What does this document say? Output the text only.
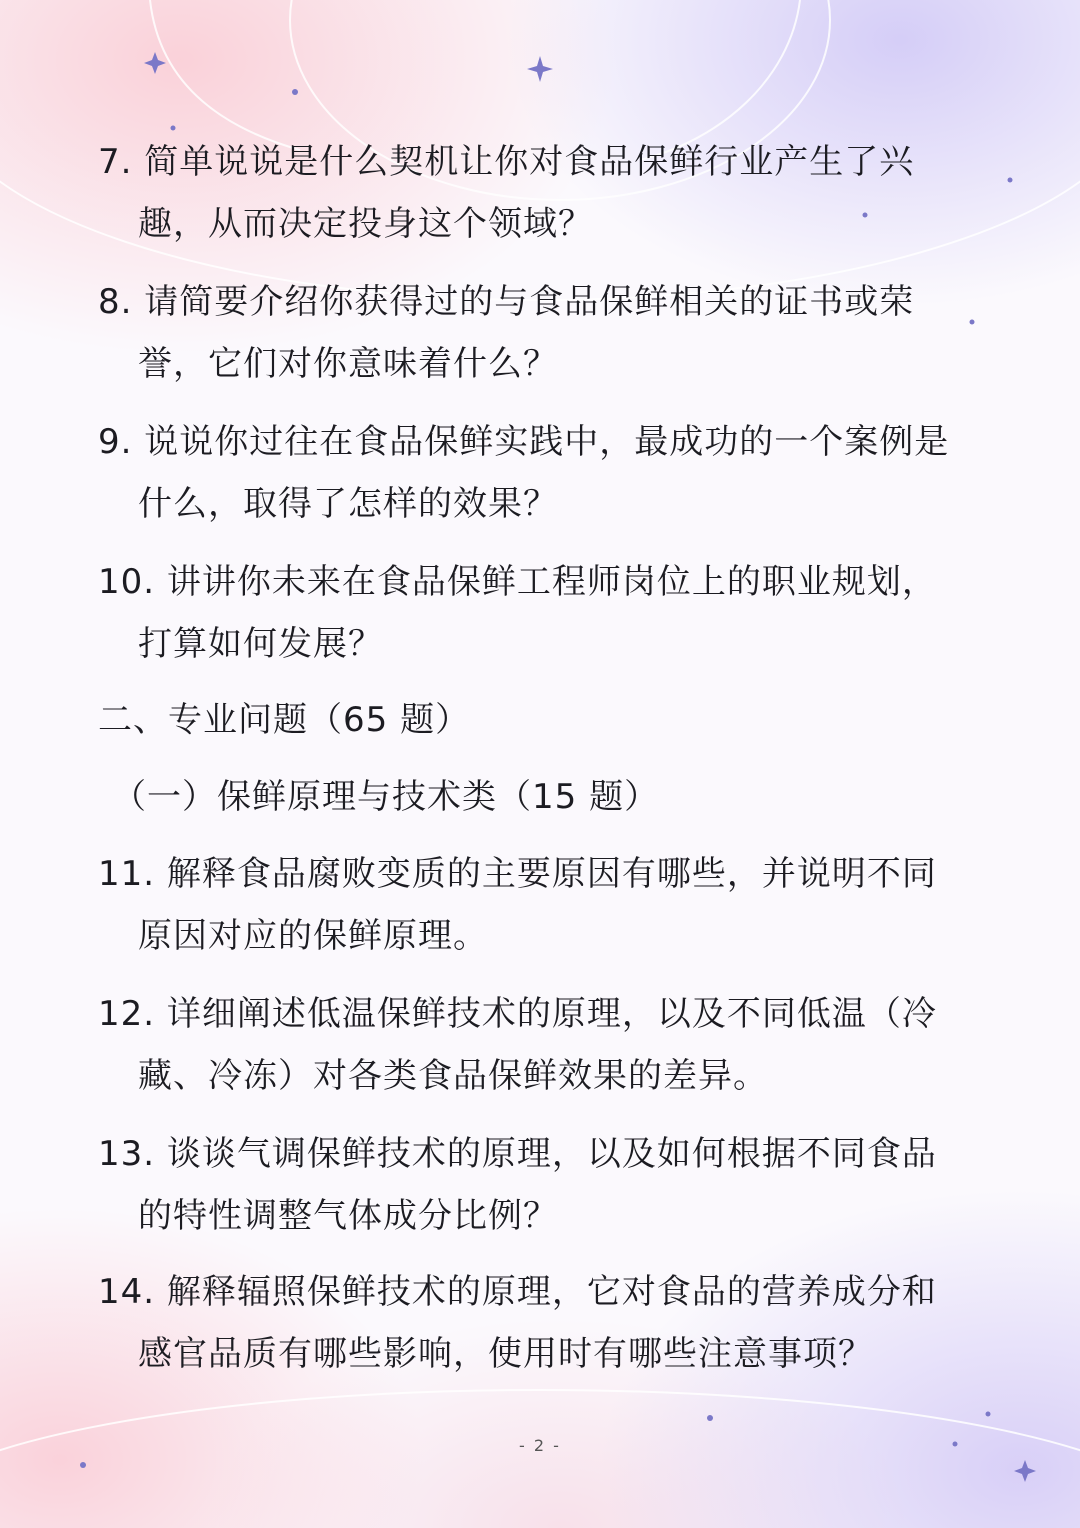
7. 简单说说是什么契机让你对食品保鲜行业产生了兴
趣，从而决定投身这个领域？
8. 请简要介绍你获得过的与食品保鲜相关的证书或荣
誉，它们对你意味着什么？
9. 说说你过往在食品保鲜实践中，最成功的一个案例是
什么，取得了怎样的效果？
10. 讲讲你未来在食品保鲜工程师岗位上的职业规划，
打算如何发展？
二、专业问题（65 题）
（一）保鲜原理与技术类（15 题）
11. 解释食品腐败变质的主要原因有哪些，并说明不同
原因对应的保鲜原理。
12. 详细阐述低温保鲜技术的原理，以及不同低温（冷
藏、冷冻）对各类食品保鲜效果的差异。
13. 谈谈气调保鲜技术的原理，以及如何根据不同食品
的特性调整气体成分比例？
14. 解释辐照保鲜技术的原理，它对食品的营养成分和
感官品质有哪些影响，使用时有哪些注意事项？
- 2 -
